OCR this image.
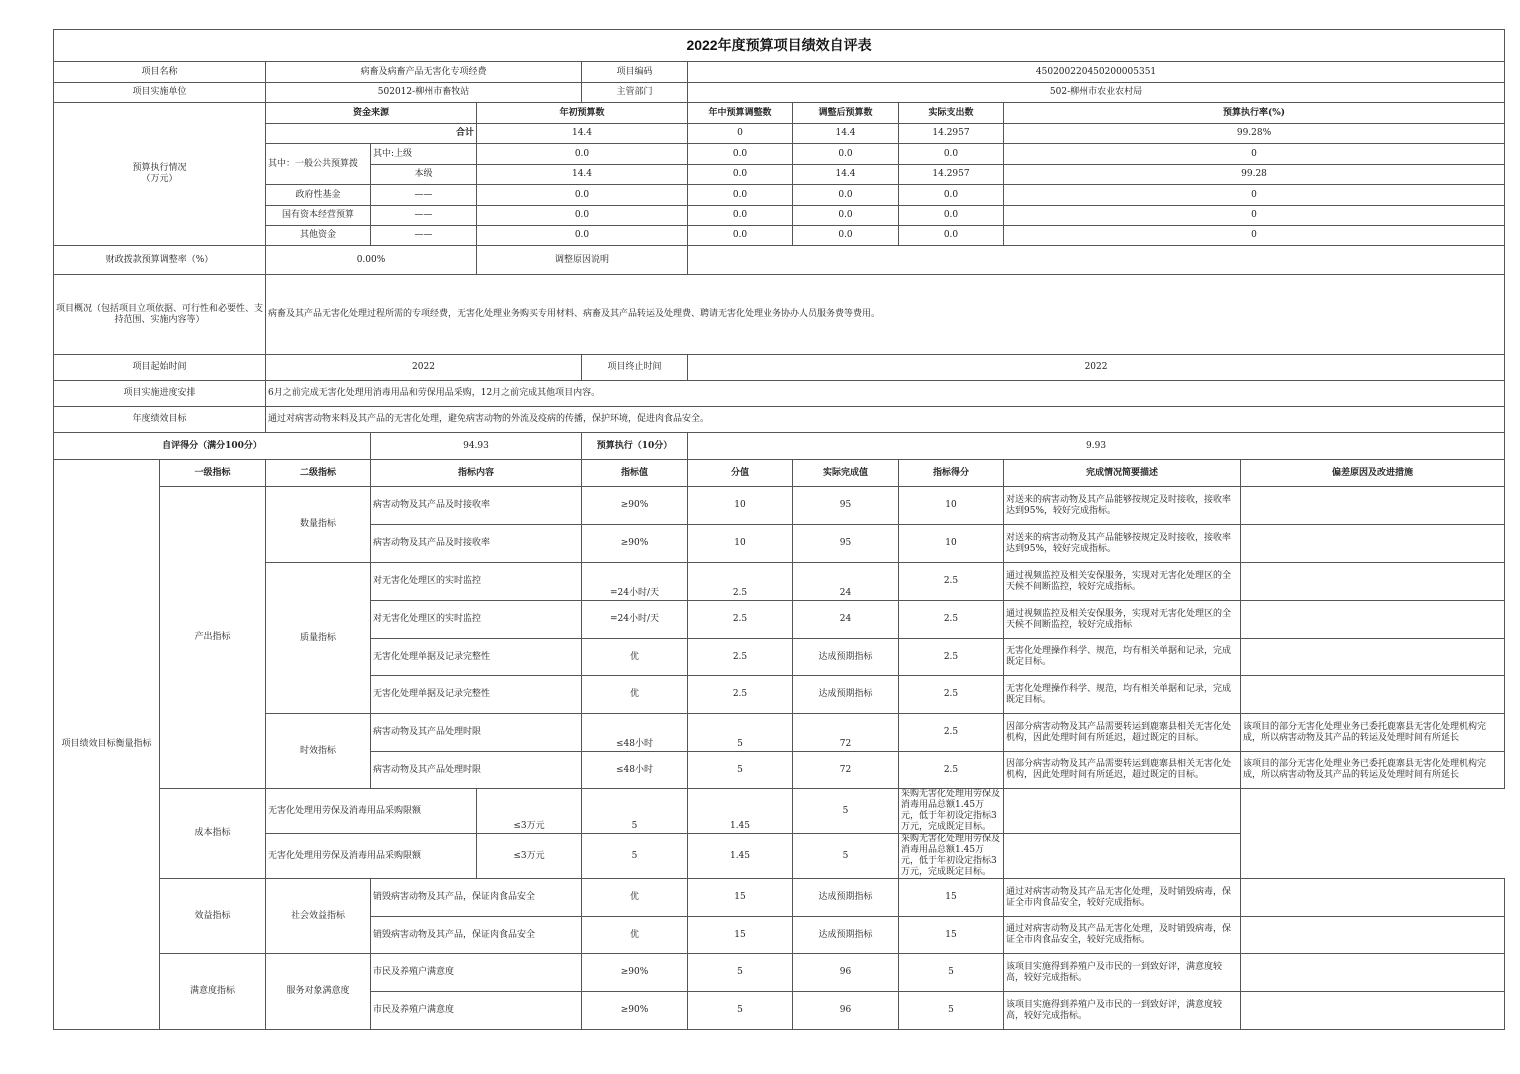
2022年度预算项目绩效自评表										
项目名称		病畜及病畜产品无害化专项经费			项目编码	450200220450200005351				
项目实施单位		502012-柳州市畜牧站			主管部门	502-柳州市农业农村局				
预算执行情况
（万元）		资金来源		年初预算数		年中预算调整数	调整后预算数	实际支出数	预算执行率(%)	
		合计		14.4		0	14.4	14.2957	99.28%	
		其中：一般公共预算拨	其中:上级	0.0		0.0	0.0	0.0	0	
			本级	14.4		0.0	14.4	14.2957	99.28	
		政府性基金	——	0.0		0.0	0.0	0.0	0	
		国有资本经营预算	——	0.0		0.0	0.0	0.0	0	
		其他资金	——	0.0		0.0	0.0	0.0	0	
财政拨款预算调整率（%）		0.00%		调整原因说明						
项目概况（包括项目立项依据、可行性和必要性、支持范围、实施内容等）		病畜及其产品无害化处理过程所需的专项经费，无害化处理业务购买专用材料、病畜及其产品转运及处理费、聘请无害化处理业务协办人员服务费等费用。								
项目起始时间		2022			项目终止时间	2022				
项目实施进度安排		6月之前完成无害化处理用消毒用品和劳保用品采购，12月之前完成其他项目内容。								
年度绩效目标		通过对病害动物来料及其产品的无害化处理，避免病害动物的外流及疫病的传播，保护环境，促进肉食品安全。								
自评得分（满分100分）			94.93		预算执行（10分）	9.93				
项目绩效目标衡量指标	一级指标	二级指标	指标内容		指标值	分值	实际完成值	指标得分	完成情况简要描述	偏差原因及改进措施
	产出指标	数量指标	病害动物及其产品及时接收率		≥90%	10	95	10	对送来的病害动物及其产品能够按规定及时接收，接收率达到95%，较好完成指标。	
			病害动物及其产品及时接收率		≥90%	10	95	10	对送来的病害动物及其产品能够按规定及时接收，接收率达到95%，较好完成指标。	
		质量指标	对无害化处理区的实时监控		=24小时/天	2.5	24	2.5	通过视频监控及相关安保服务，实现对无害化处理区的全天候不间断监控，较好完成指标。	
			对无害化处理区的实时监控		=24小时/天	2.5	24	2.5	通过视频监控及相关安保服务，实现对无害化处理区的全天候不间断监控，较好完成指标	
			无害化处理单据及记录完整性		优	2.5	达成预期指标	2.5	无害化处理操作科学、规范，均有相关单据和记录，完成既定目标。	
			无害化处理单据及记录完整性		优	2.5	达成预期指标	2.5	无害化处理操作科学、规范，均有相关单据和记录，完成既定目标。	
		时效指标	病害动物及其产品处理时限		≤48小时	5	72	2.5	因部分病害动物及其产品需要转运到鹿寨县相关无害化处机构，因此处理时间有所延迟，超过既定的目标。	该项目的部分无害化处理业务已委托鹿寨县无害化处理机构完成，所以病害动物及其产品的转运及处理时间有所延长
			病害动物及其产品处理时限		≤48小时	5	72	2.5	因部分病害动物及其产品需要转运到鹿寨县相关无害化处机构，因此处理时间有所延迟，超过既定的目标。	该项目的部分无害化处理业务已委托鹿寨县无害化处理机构完成，所以病害动物及其产品的转运及处理时间有所延长
	成本指标	无害化处理用劳保及消毒用品采购限额		≤3万元	5	1.45	5	采购无害化处理用劳保及消毒用品总额1.45万元，低于年初设定指标3万元，完成既定目标。		
		无害化处理用劳保及消毒用品采购限额		≤3万元	5	1.45	5	采购无害化处理用劳保及消毒用品总额1.45万元，低于年初设定指标3万元，完成既定目标。		
	效益指标	社会效益指标	销毁病害动物及其产品，保证肉食品安全		优	15	达成预期指标	15	通过对病害动物及其产品无害化处理，及时销毁病毒，保证全市肉食品安全，较好完成指标。	
			销毁病害动物及其产品，保证肉食品安全		优	15	达成预期指标	15	通过对病害动物及其产品无害化处理，及时销毁病毒，保证全市肉食品安全，较好完成指标。	
	满意度指标	服务对象满意度	市民及养殖户满意度		≥90%	5	96	5	该项目实施得到养殖户及市民的一到致好评，满意度较高，较好完成指标。	
			市民及养殖户满意度		≥90%	5	96	5	该项目实施得到养殖户及市民的一到致好评，满意度较高，较好完成指标。	
